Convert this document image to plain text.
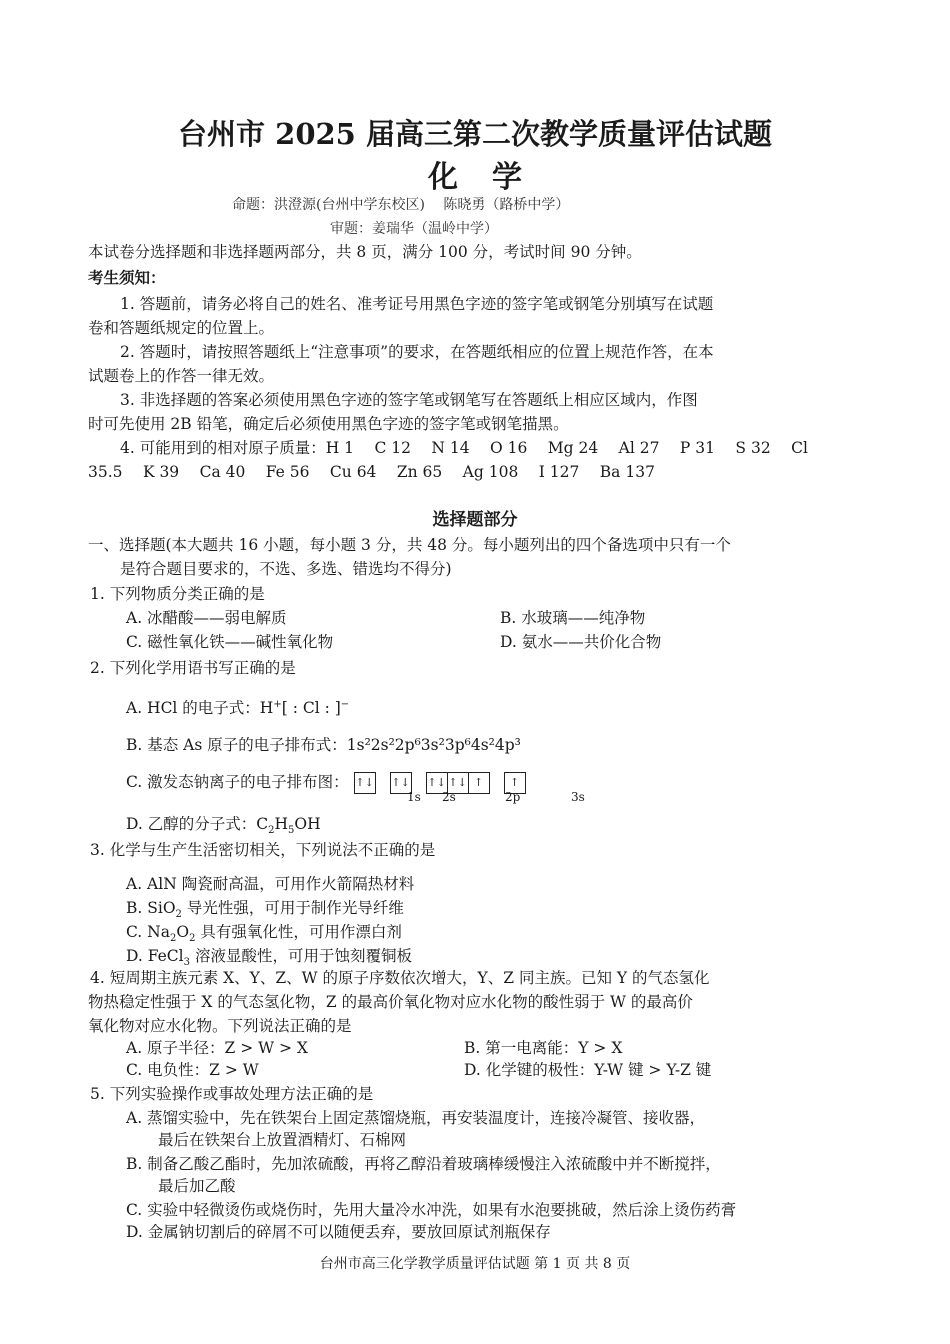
台州市 2025 届高三第二次教学质量评估试题
化学
命题：洪澄源(台州中学东校区)　 陈晓勇（路桥中学）
审题：姜瑞华（温岭中学）
本试卷分选择题和非选择题两部分，共 8 页，满分 100 分，考试时间 90 分钟。
考生须知：
1. 答题前，请务必将自己的姓名、准考证号用黑色字迹的签字笔或钢笔分别填写在试题
卷和答题纸规定的位置上。
2. 答题时，请按照答题纸上“注意事项”的要求，在答题纸相应的位置上规范作答，在本
试题卷上的作答一律无效。
3. 非选择题的答案必须使用黑色字迹的签字笔或钢笔写在答题纸上相应区域内，作图
时可先使用 2B 铅笔，确定后必须使用黑色字迹的签字笔或钢笔描黑。
4. 可能用到的相对原子质量：H 1　 C 12　 N 14　 O 16　 Mg 24　 Al 27　 P 31　 S 32　 Cl
35.5　 K 39　 Ca 40　 Fe 56　 Cu 64　 Zn 65　 Ag 108　 I 127　 Ba 137
选择题部分
一、选择题(本大题共 16 小题，每小题 3 分，共 48 分。每小题列出的四个备选项中只有一个
是符合题目要求的，不选、多选、错选均不得分)
1. 下列物质分类正确的是
A. 冰醋酸——弱电解质	B. 水玻璃——纯净物
C. 磁性氧化铁——碱性氧化物	D. 氨水——共价化合物
2. 下列化学用语书写正确的是
A. HCl 的电子式：H+[ : Cl : ]−
B. 基态 As 原子的电子排布式：1s²2s²2p⁶3s²3p⁶4s²4p³
C. 激发态钠离子的电子排布图： ↑↓ ↑↓ ↑↓ ↑↓ ↑ ↑
1s 2s	2p	3s
D. 乙醇的分子式：$C_2H_5OH$
3. 化学与生产生活密切相关，下列说法不正确的是
A. AlN 陶瓷耐高温，可用作火箭隔热材料
B. SiO$_2$ 导光性强，可用于制作光导纤维
C. $Na_2O_2$ 具有强氧化性，可用作漂白剂
D. FeCl$_3$ 溶液显酸性，可用于蚀刻覆铜板
4. 短周期主族元素 X、Y、Z、W 的原子序数依次增大，Y、Z 同主族。已知 Y 的气态氢化
物热稳定性强于 X 的气态氢化物，Z 的最高价氧化物对应水化物的酸性弱于 W 的最高价
氧化物对应水化物。下列说法正确的是
A. 原子半径：Z > W > X	B. 第一电离能：Y > X
C. 电负性：Z > W	D. 化学键的极性：Y-W 键 > Y-Z 键
5. 下列实验操作或事故处理方法正确的是
A. 蒸馏实验中，先在铁架台上固定蒸馏烧瓶，再安装温度计，连接冷凝管、接收器，
最后在铁架台上放置酒精灯、石棉网
B. 制备乙酸乙酯时，先加浓硫酸，再将乙醇沿着玻璃棒缓慢注入浓硫酸中并不断搅拌，
最后加乙酸
C. 实验中轻微烫伤或烧伤时，先用大量冷水冲洗，如果有水泡要挑破，然后涂上烫伤药膏
D. 金属钠切割后的碎屑不可以随便丢弃，要放回原试剂瓶保存
台州市高三化学教学质量评估试题 第 1 页 共 8 页
